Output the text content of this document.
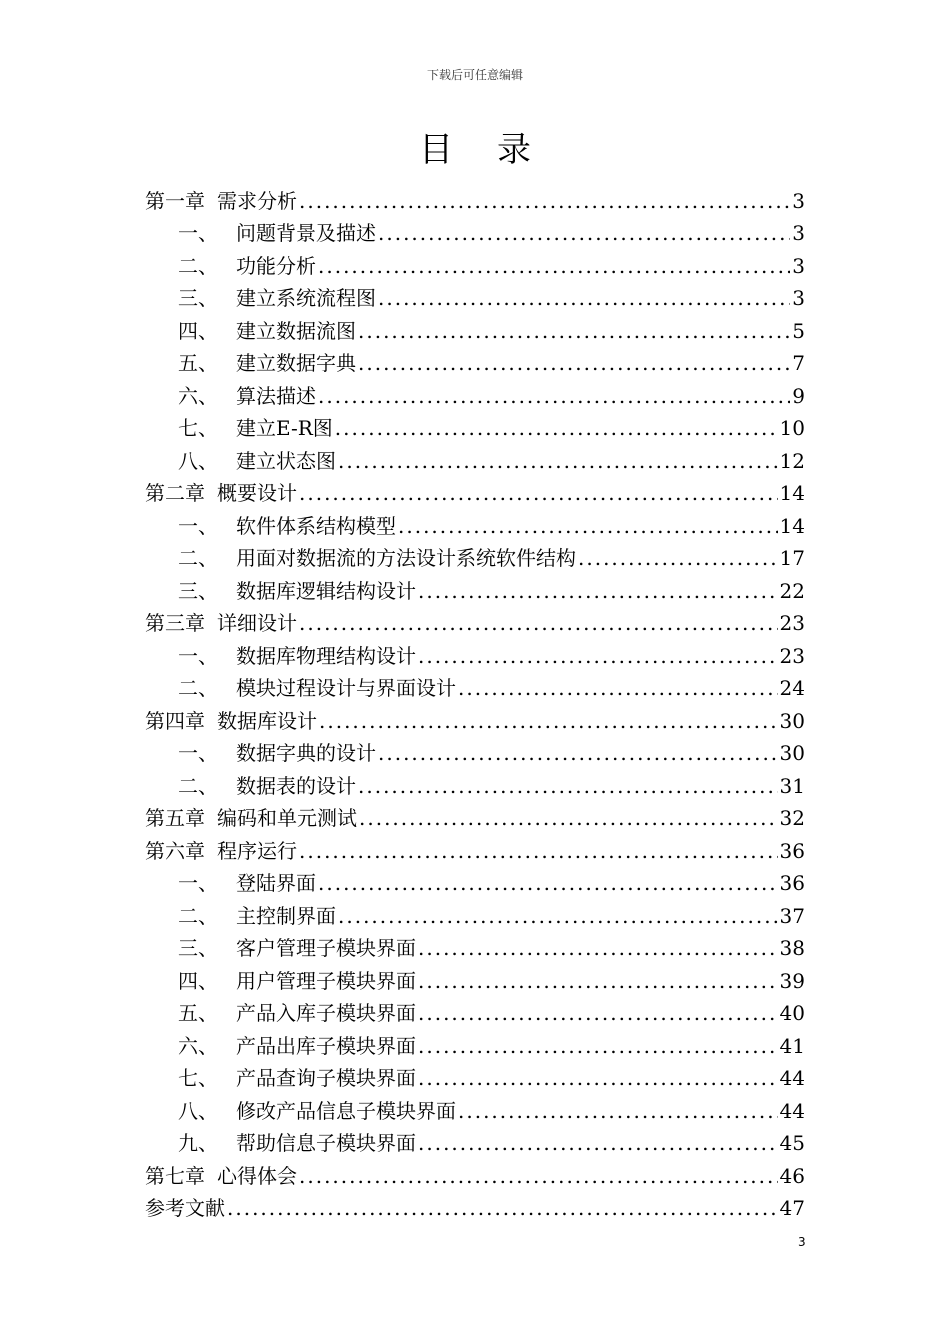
下载后可任意编辑
目录
第一章 需求分析 .....	3
一、 问题背景及描述 .....	3
二、 功能分析 .....	3
三、 建立系统流程图 .....	3
四、 建立数据流图 .....	5
五、 建立数据字典 .....	7
六、 算法描述 .....	9
七、 建立E-R图 .....	10
八、 建立状态图 .....	12
第二章 概要设计 .....	14
一、 软件体系结构模型 .....	14
二、 用面对数据流的方法设计系统软件结构 .....	17
三、 数据库逻辑结构设计 .....	22
第三章 详细设计 .....	23
一、 数据库物理结构设计 .....	23
二、 模块过程设计与界面设计 .....	24
第四章 数据库设计 .....	30
一、 数据字典的设计 .....	30
二、 数据表的设计 .....	31
第五章 编码和单元测试 .....	32
第六章 程序运行 .....	36
一、 登陆界面 .....	36
二、 主控制界面 .....	37
三、 客户管理子模块界面 .....	38
四、 用户管理子模块界面 .....	39
五、 产品入库子模块界面 .....	40
六、 产品出库子模块界面 .....	41
七、 产品查询子模块界面 .....	44
八、 修改产品信息子模块界面 .....	44
九、 帮助信息子模块界面 .....	45
第七章 心得体会 .....	46
参考文献 .....	47
3
